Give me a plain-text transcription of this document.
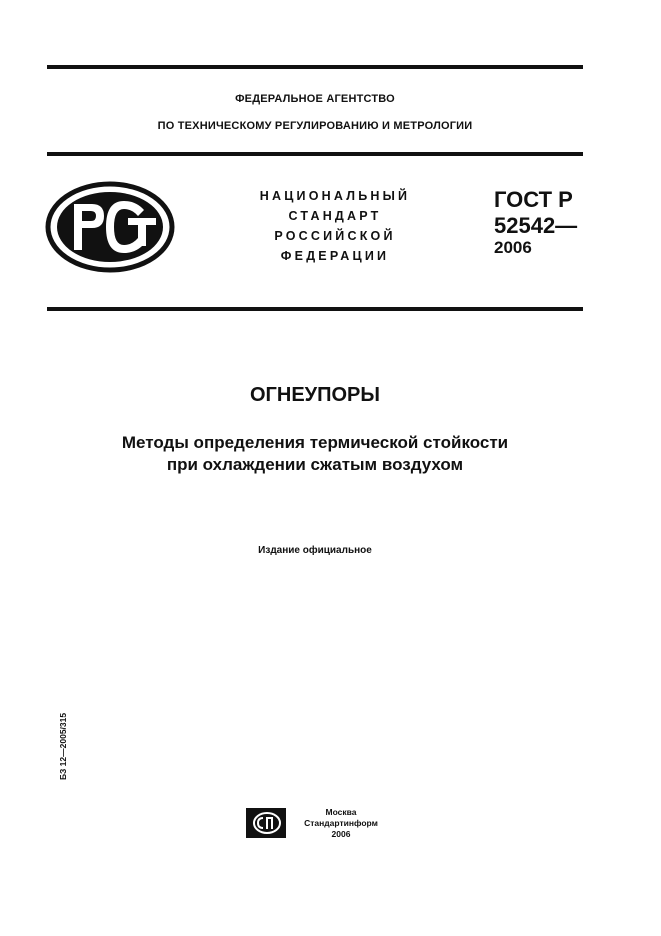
ФЕДЕРАЛЬНОЕ АГЕНТСТВО
ПО ТЕХНИЧЕСКОМУ РЕГУЛИРОВАНИЮ И МЕТРОЛОГИИ
НАЦИОНАЛЬНЫЙ
СТАНДАРТ
РОССИЙСКОЙ
ФЕДЕРАЦИИ
ГОСТ Р
52542—
2006
ОГНЕУПОРЫ
Методы определения термической стойкости
при охлаждении сжатым воздухом
Издание официальное
БЗ 12—2005/315
Москва
Стандартинформ
2006
